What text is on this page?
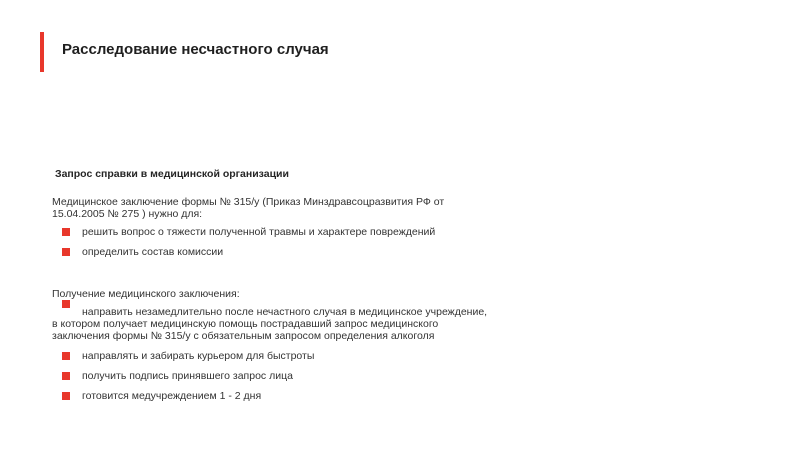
Расследование несчастного случая
Запрос справки в медицинской организации
Медицинское заключение формы № 315/у (Приказ Минздравсоцразвития РФ от
15.04.2005 № 275 ) нужно для:
решить вопрос о тяжести полученной травмы и характере повреждений
определить состав комиссии
Получение медицинского заключения:
направить незамедлительно после нечастного случая в медицинское учреждение,
в котором получает медицинскую помощь пострадавший запрос медицинского
заключения формы № 315/у с обязательным запросом определения алкоголя
направлять и забирать курьером для быстроты
получить подпись принявшего запрос лица
готовится медучреждением 1 - 2 дня
